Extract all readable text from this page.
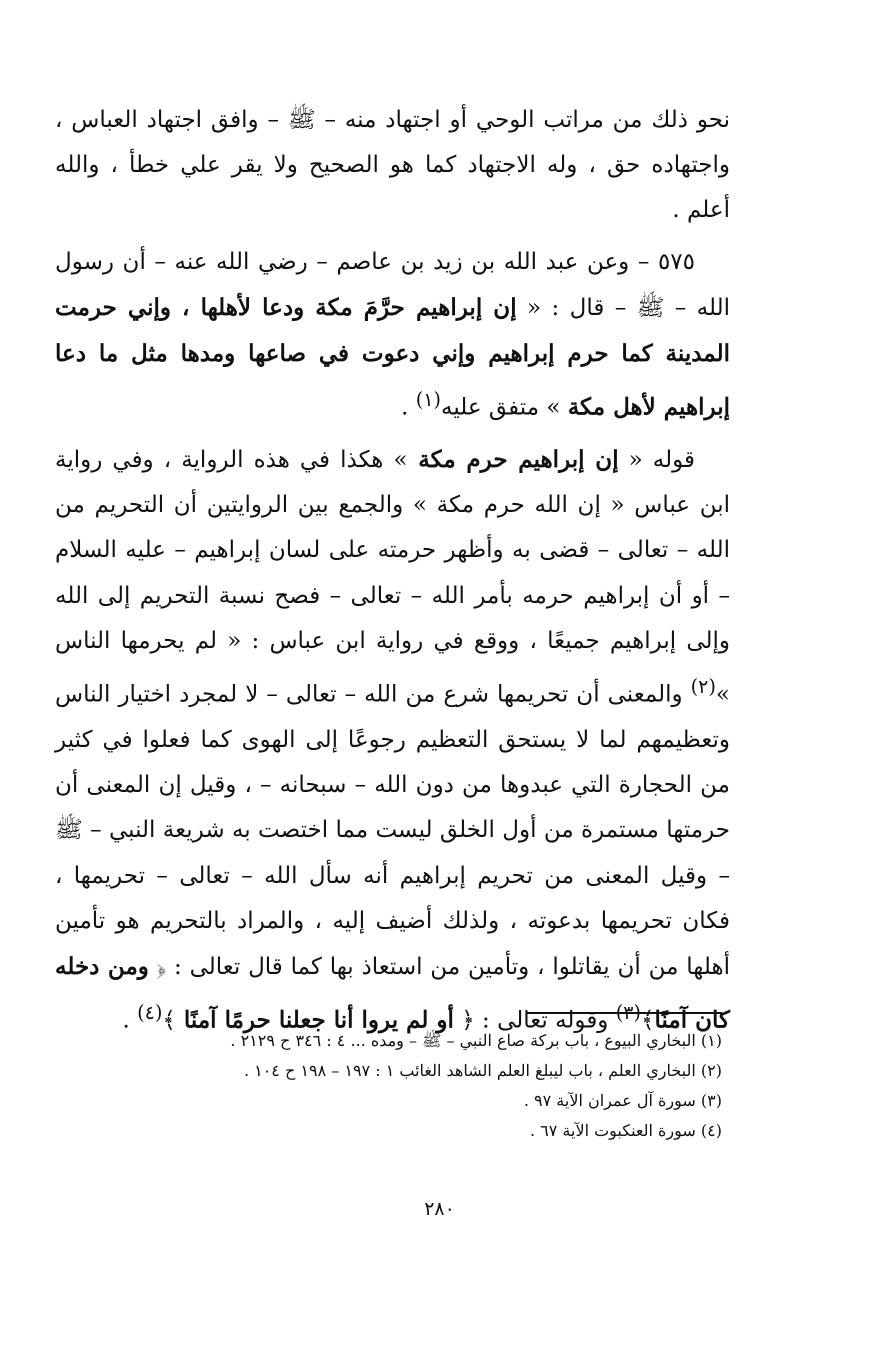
نحو ذلك من مراتب الوحي أو اجتهاد منه – ﷺ – وافق اجتهاد العباس ، واجتهاده حق ، وله الاجتهاد كما هو الصحيح ولا يقر علي خطأ ، والله أعلم .

٥٧٥ – وعن عبد الله بن زيد بن عاصم – رضي الله عنه – أن رسول الله – ﷺ – قال : « إن إبراهيم حرَّمَ مكة ودعا لأهلها ، وإني حرمت المدينة كما حرم إبراهيم وإني دعوت في صاعها ومدها مثل ما دعا إبراهيم لأهل مكة » متفق عليه$^{(١)}$ .

قوله « إن إبراهيم حرم مكة » هكذا في هذه الرواية ، وفي رواية ابن عباس « إن الله حرم مكة » والجمع بين الروايتين أن التحريم من الله – تعالى – قضى به وأظهر حرمته على لسان إبراهيم – عليه السلام – أو أن إبراهيم حرمه بأمر الله – تعالى – فصح نسبة التحريم إلى الله وإلى إبراهيم جميعًا ، ووقع في رواية ابن عباس : « لم يحرمها الناس »$^{(٢)}$ والمعنى أن تحريمها شرع من الله – تعالى – لا لمجرد اختيار الناس وتعظيمهم لما لا يستحق التعظيم رجوعًا إلى الهوى كما فعلوا في كثير من الحجارة التي عبدوها من دون الله – سبحانه – ، وقيل إن المعنى أن حرمتها مستمرة من أول الخلق ليست مما اختصت به شريعة النبي – ﷺ – وقيل المعنى من تحريم إبراهيم أنه سأل الله – تعالى – تحريمها ، فكان تحريمها بدعوته ، ولذلك أضيف إليه ، والمراد بالتحريم هو تأمين أهلها من أن يقاتلوا ، وتأمين من استعاذ بها كما قال تعالى : ﴿ ومن دخله كان آمنًا﴾$^{(٣)}$ وقوله تعالى : ﴿ أو لم يروا أنا جعلنا حرمًا آمنًا ﴾$^{(٤)}$ .

(١) البخاري البيوع ، باب بركة صاع النبي – ﷺ – ومده ... ٤ : ٣٤٦ ح ٢١٢٩ .

(٢) البخاري العلم ، باب ليبلغ العلم الشاهد الغائب ١ : ١٩٧ – ١٩٨ ح ١٠٤ .

(٣) سورة آل عمران الآية ٩٧ .

(٤) سورة العنكبوت الآية ٦٧ .

٢٨٠
